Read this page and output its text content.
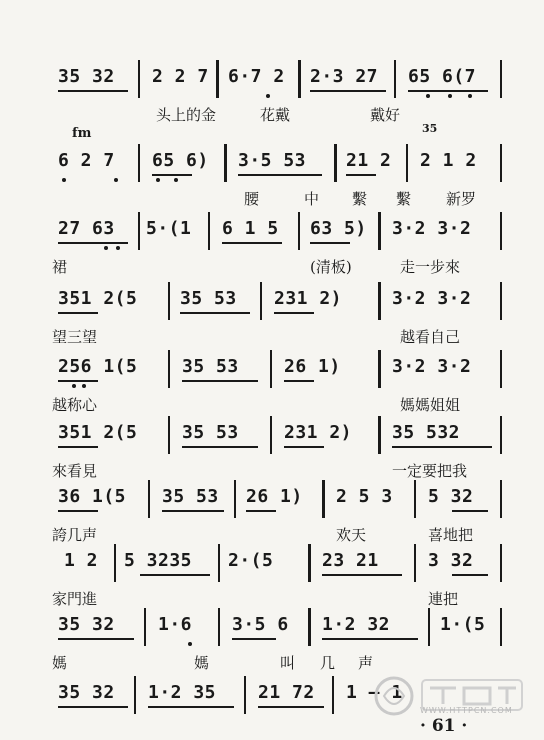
35 32 2 2 7 6·7 2 2·3 27 65 6(7
头上的金	花戴	戴好
fm	35
6 2 7 65 6) 3·5 53 21 2 2 1 2
腰	中 繫 繫 新罗
27 63 5·(1 6 1 5 63 5) 3·2 3·2
裙	(清板)	走一步來
351 2(5 35 53 231 2)	3·2 3·2
望三望	越看自己
256 1(5 35 53	26 1)	3·2 3·2
越称心	媽媽姐姐
351 2(5 35 53	231 2) 35 532
來看見	一定要把我
36 1(5 35 53 26 1) 2 5 3 5 32
誇几声	欢天	喜地把
1 2 5 3235 2·(5	23 21	3 32
家門進	連把
35 32 1·6 3·5 6 1·2 32	1·(5
媽	媽	叫 几 声
35 32 1·2 35 21 72 1 — 1
WWW.HTTPCN.COM
· 61 ·
